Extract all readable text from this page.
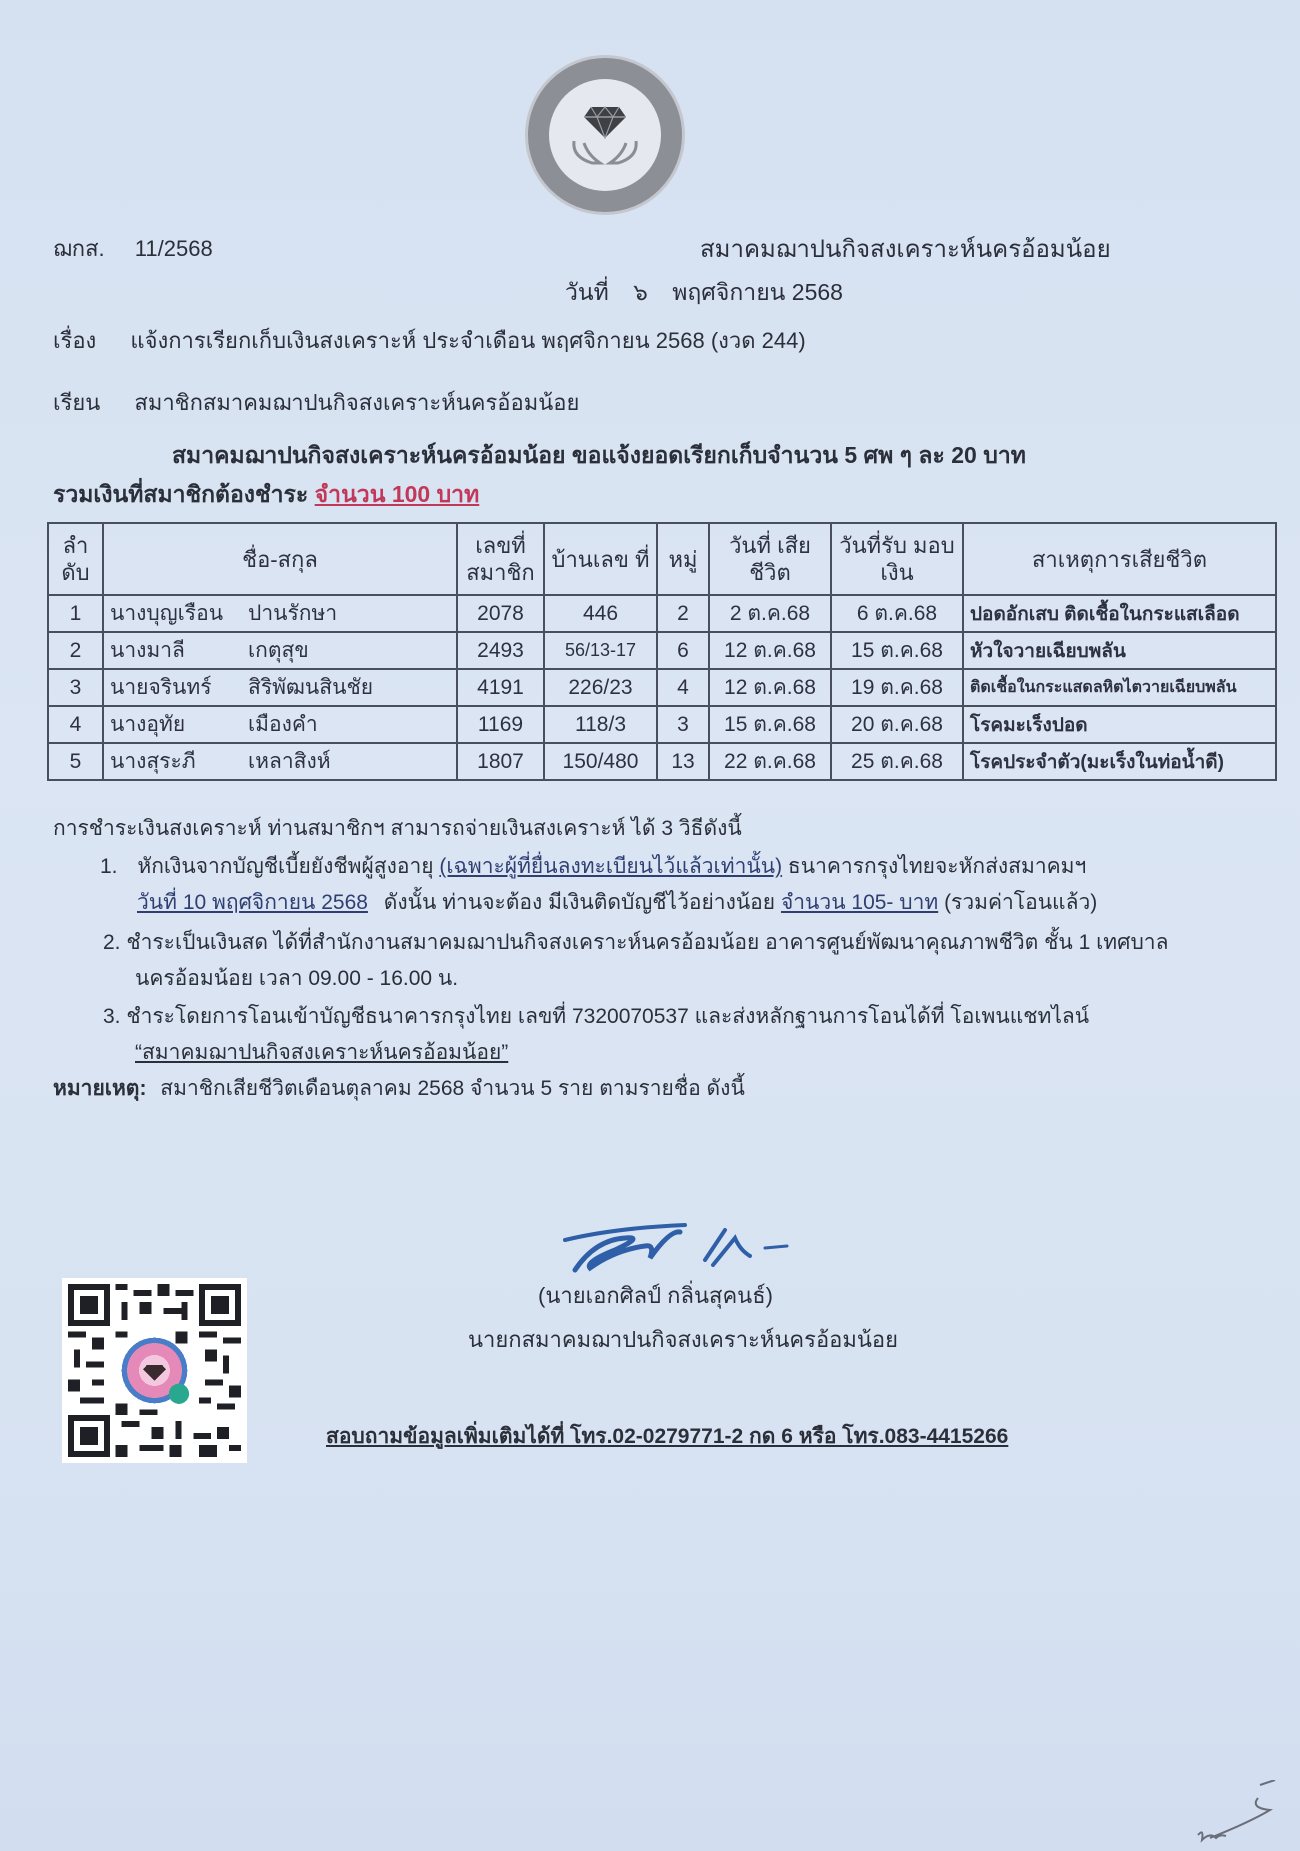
ฌกส. 11/2568	สมาคมฌาปนกิจสงเคราะห์นครอ้อมน้อย
วันที่ ๖ พฤศจิกายน 2568
เรื่อง แจ้งการเรียกเก็บเงินสงเคราะห์ ประจำเดือน พฤศจิกายน 2568 (งวด 244)
เรียน สมาชิกสมาคมฌาปนกิจสงเคราะห์นครอ้อมน้อย
สมาคมฌาปนกิจสงเคราะห์นครอ้อมน้อย ขอแจ้งยอดเรียกเก็บจำนวน 5 ศพ ๆ ละ 20 บาท
รวมเงินที่สมาชิกต้องชำระ จำนวน 100 บาท
ลำ ดับ	ชื่อ-สกุล	เลขที่ สมาชิก	บ้านเลข ที่	หมู่	วันที่ เสียชีวิต	วันที่รับ มอบเงิน	สาเหตุการเสียชีวิต
1	นางบุญเรือน ปานรักษา	2078	446	2	2 ต.ค.68	6 ต.ค.68	ปอดอักเสบ ติดเชื้อในกระแสเลือด
2	นางมาลี เกตุสุข	2493	56/13-17	6	12 ต.ค.68	15 ต.ค.68	หัวใจวายเฉียบพลัน
3	นายจรินทร์ สิริพัฒนสินชัย	4191	226/23	4	12 ต.ค.68	19 ต.ค.68	ติดเชื้อในกระแสดลหิตไตวายเฉียบพลัน
4	นางอุทัย เมืองคำ	1169	118/3	3	15 ต.ค.68	20 ต.ค.68	โรคมะเร็งปอด
5	นางสุระภี เหลาสิงห์	1807	150/480	13	22 ต.ค.68	25 ต.ค.68	โรคประจำตัว(มะเร็งในท่อน้ำดี)
การชำระเงินสงเคราะห์ ท่านสมาชิกฯ สามารถจ่ายเงินสงเคราะห์ ได้ 3 วิธีดังนี้
1. หักเงินจากบัญชีเบี้ยยังชีพผู้สูงอายุ (เฉพาะผู้ที่ยื่นลงทะเบียนไว้แล้วเท่านั้น) ธนาคารกรุงไทยจะหักส่งสมาคมฯ
วันที่ 10 พฤศจิกายน 2568 ดังนั้น ท่านจะต้อง มีเงินติดบัญชีไว้อย่างน้อย จำนวน 105- บาท (รวมค่าโอนแล้ว)
2. ชำระเป็นเงินสด ได้ที่สำนักงานสมาคมฌาปนกิจสงเคราะห์นครอ้อมน้อย อาคารศูนย์พัฒนาคุณภาพชีวิต ชั้น 1 เทศบาล
นครอ้อมน้อย เวลา 09.00 - 16.00 น.
3. ชำระโดยการโอนเข้าบัญชีธนาคารกรุงไทย เลขที่ 7320070537 และส่งหลักฐานการโอนได้ที่ โอเพนแชทไลน์
“สมาคมฌาปนกิจสงเคราะห์นครอ้อมน้อย”
หมายเหตุ: สมาชิกเสียชีวิตเดือนตุลาคม 2568 จำนวน 5 ราย ตามรายชื่อ ดังนี้
(นายเอกศิลป์ กลิ่นสุคนธ์)
นายกสมาคมฌาปนกิจสงเคราะห์นครอ้อมน้อย
สอบถามข้อมูลเพิ่มเติมได้ที่ โทร.02-0279771-2 กด 6 หรือ โทร.083-4415266
